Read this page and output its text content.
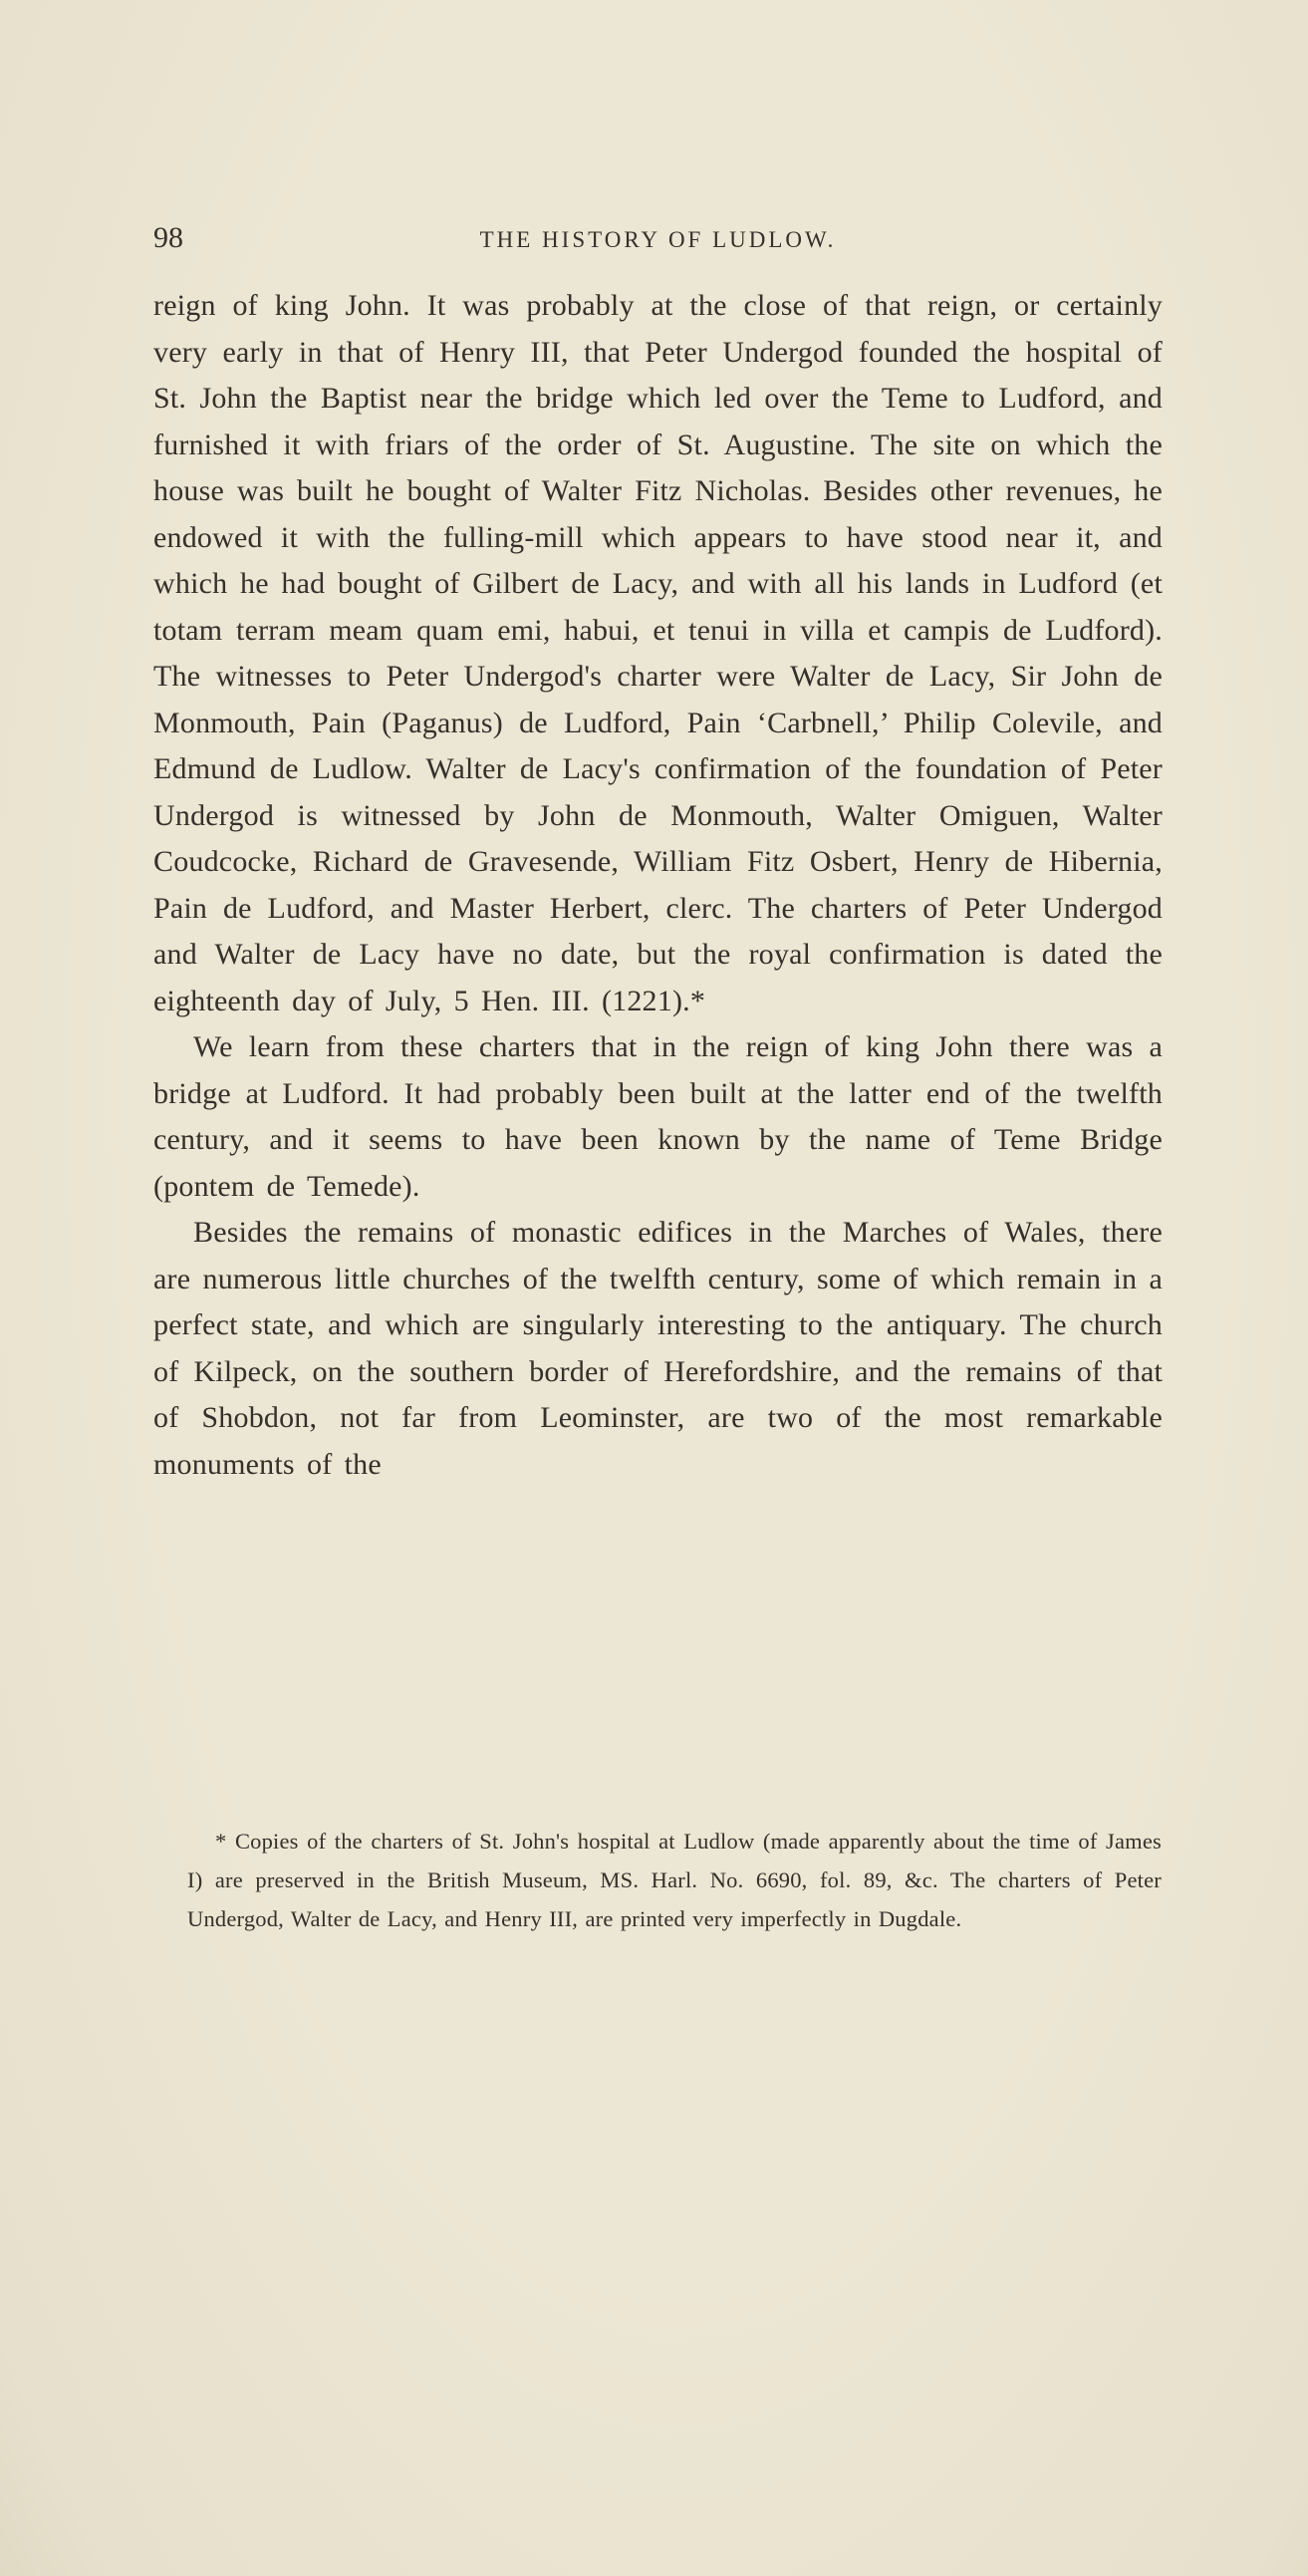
98	THE HISTORY OF LUDLOW.

reign of king John. It was probably at the close of that reign, or certainly very early in that of Henry III, that Peter Undergod founded the hospital of St. John the Baptist near the bridge which led over the Teme to Ludford, and furnished it with friars of the order of St. Augustine. The site on which the house was built he bought of Walter Fitz Nicholas. Besides other revenues, he endowed it with the fulling-mill which appears to have stood near it, and which he had bought of Gilbert de Lacy, and with all his lands in Ludford (et totam terram meam quam emi, habui, et tenui in villa et campis de Ludford). The witnesses to Peter Undergod's charter were Walter de Lacy, Sir John de Monmouth, Pain (Paganus) de Ludford, Pain ‘Carbnell,’ Philip Colevile, and Edmund de Ludlow. Walter de Lacy's confirmation of the foundation of Peter Undergod is witnessed by John de Monmouth, Walter Omiguen, Walter Coudcocke, Richard de Gravesende, William Fitz Osbert, Henry de Hibernia, Pain de Ludford, and Master Herbert, clerc. The charters of Peter Undergod and Walter de Lacy have no date, but the royal confirmation is dated the eighteenth day of July, 5 Hen. III. (1221).*

We learn from these charters that in the reign of king John there was a bridge at Ludford. It had probably been built at the latter end of the twelfth century, and it seems to have been known by the name of Teme Bridge (pontem de Temede).

Besides the remains of monastic edifices in the Marches of Wales, there are numerous little churches of the twelfth century, some of which remain in a perfect state, and which are singularly interesting to the antiquary. The church of Kilpeck, on the southern border of Herefordshire, and the remains of that of Shobdon, not far from Leominster, are two of the most remarkable monuments of the

* Copies of the charters of St. John's hospital at Ludlow (made apparently about the time of James I) are preserved in the British Museum, MS. Harl. No. 6690, fol. 89, &c. The charters of Peter Undergod, Walter de Lacy, and Henry III, are printed very imperfectly in Dugdale.
